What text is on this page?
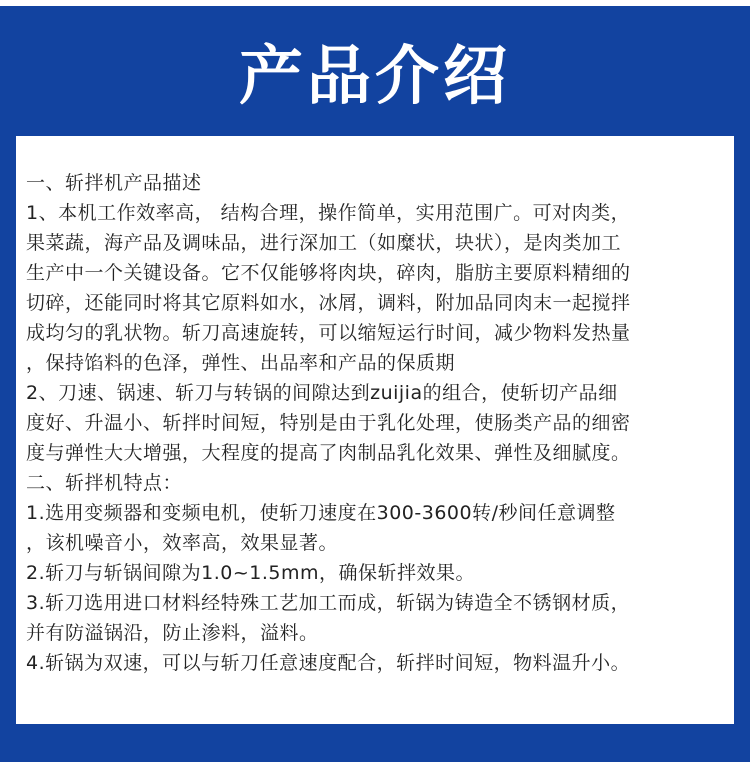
产品介绍
一、斩拌机产品描述
1、本机工作效率高， 结构合理，操作简单，实用范围广。可对肉类，
果菜蔬，海产品及调味品，进行深加工（如糜状，块状），是肉类加工
生产中一个关键设备。它不仅能够将肉块，碎肉，脂肪主要原料精细的
切碎，还能同时将其它原料如水，冰屑，调料，附加品同肉末一起搅拌
成均匀的乳状物。斩刀高速旋转，可以缩短运行时间，减少物料发热量
，保持馅料的色泽，弹性、出品率和产品的保质期
2、刀速、锅速、斩刀与转锅的间隙达到zuijia的组合，使斩切产品细
度好、升温小、斩拌时间短，特别是由于乳化处理，使肠类产品的细密
度与弹性大大增强，大程度的提高了肉制品乳化效果、弹性及细腻度。
二、斩拌机特点：
1.选用变频器和变频电机，使斩刀速度在300-3600转/秒间任意调整
，该机噪音小，效率高，效果显著。
2.斩刀与斩锅间隙为1.0~1.5mm，确保斩拌效果。
3.斩刀选用进口材料经特殊工艺加工而成，斩锅为铸造全不锈钢材质，
并有防溢锅沿，防止渗料，溢料。
4.斩锅为双速，可以与斩刀任意速度配合，斩拌时间短，物料温升小。
